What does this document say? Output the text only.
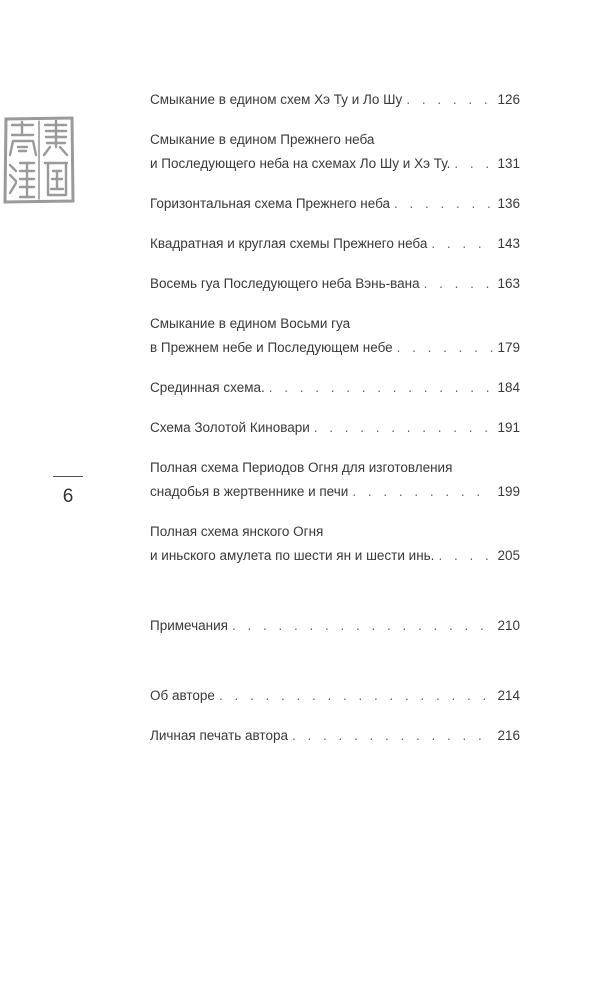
6
Смыкание в едином схем Хэ Ту и Ло Шу . . .	126
Смыкание в едином Прежнего неба
и Последующего неба на схемах Ло Шу и Хэ Ту. . . .	131
Горизонтальная схема Прежнего неба . . .	136
Квадратная и круглая схемы Прежнего неба . . .	143
Восемь гуа Последующего неба Вэнь-вана . . .	163
Смыкание в едином Восьми гуа
в Прежнем небе и Последующем небе . . .	179
Срединная схема. . . .	184
Схема Золотой Киновари . . .	191
Полная схема Периодов Огня для изготовления
снадобья в жертвеннике и печи . . .	199
Полная схема янского Огня
и иньского амулета по шести ян и шести инь. . . .	205
Примечания . . .	210
Об авторе . . .	214
Личная печать автора . . .	216
